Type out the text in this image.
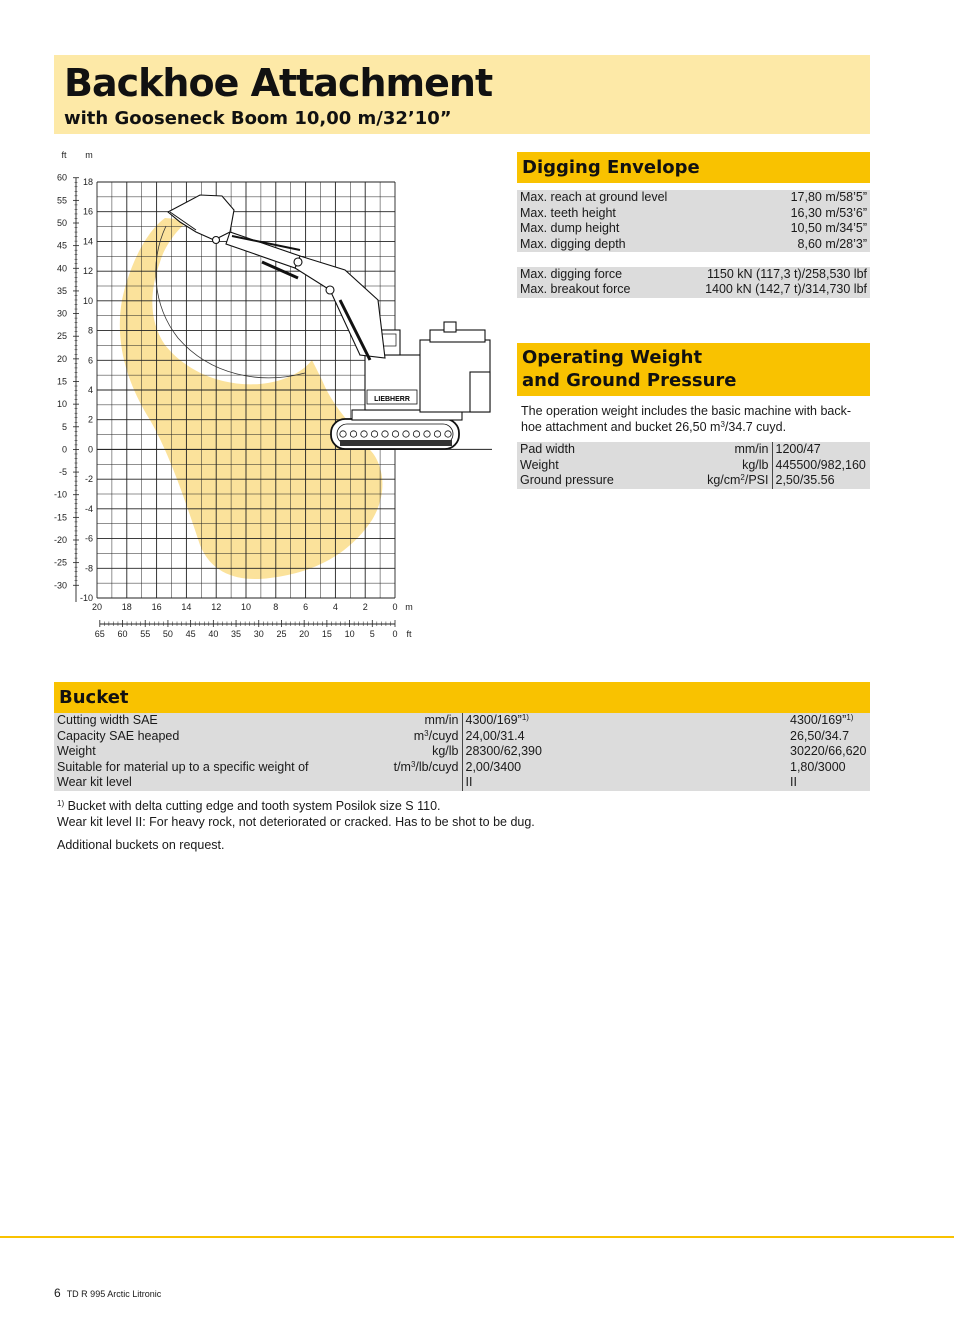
Backhoe Attachment
with Gooseneck Boom 10,00 m/32’10”
LIEBHERR
18
16
14
12
10
8
6
4
2
0
-2
-4
-6
-8
-10
60
55
50
45
40
35
30
25
20
15
10
5
0
-5
-10
-15
-20
-25
-30
20 18 16 14 12 10 8	6	4	2	0 m
65 60 55 50 45 40 35 30 25 20 15 10 5 0 ft
ft m
Digging Envelope
Max. reach at ground level	17,80 m/58’5”
Max. teeth height	16,30 m/53’6”
Max. dump height	10,50 m/34’5”
Max. digging depth	8,60 m/28’3”

Max. digging force	1150 kN (117,3 t)/258,530 lbf
Max. breakout force	1400 kN (142,7 t)/314,730 lbf
Operating Weight
and Ground Pressure
The operation weight includes the basic machine with back-
hoe attachment and bucket 26,50 $m^3/34.7$ cuyd.
Pad width	mm/in	1200/47
Weight	kg/lb	445500/982,160
Ground pressure	$kg/cm^2$/PSI	2,50/35.56
Bucket
Cutting width SAE	mm/in	4300/169”$^{1)}$	4300/169”$^{1)}$
Capacity SAE heaped	$m^3$/cuyd	24,00/31.4	26,50/34.7
Weight	kg/lb	28300/62,390	30220/66,620
Suitable for material up to a specific weight of	$t/m^3/lb$/cuyd	2,00/3400	1,80/3000
Wear kit level		II	II
$^{1)}$ Bucket with delta cutting edge and tooth system Posilok size S 110.
Wear kit level II: For heavy rock, not deteriorated or cracked. Has to be shot to be dug.
Additional buckets on request.
6 TD R 995 Arctic Litronic
